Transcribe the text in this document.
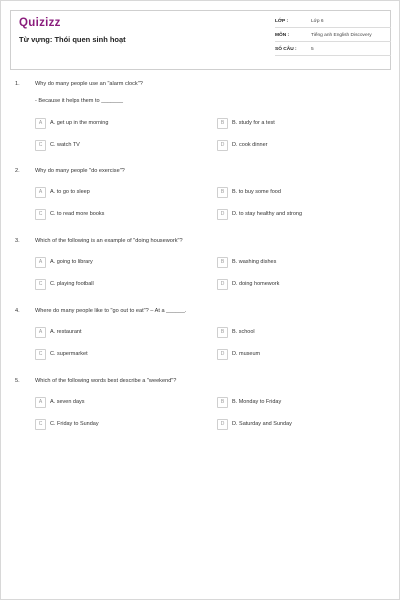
Quizizz
Từ vựng: Thói quen sinh hoạt
LỚP :	Lớp 6
MÔN :	Tiếng anh English Discovery
SỐ CÂU :	5
1.	Why do many people use an "alarm clock"?
- Because it helps them to _______
A	A. get up in the morning	B	B. study for a test
C	C. watch TV	D	D. cook dinner
2.	Why do many people "do exercise"?
A	A. to go to sleep	B	B. to buy some food
C	C. to read more books	D	D. to stay healthy and strong
3.	Which of the following is an example of "doing housework"?
A	A. going to library	B	B. washing dishes
C	C. playing football	D	D. doing homework
4.	Where do many people like to "go out to eat"? – At a ______.
A	A. restaurant	B	B. school
C	C. supermarket	D	D. museum
5.	Which of the following words best describe a "weekend"?
A	A. seven days	B	B. Monday to Friday
C	C. Friday to Sunday	D	D. Saturday and Sunday
